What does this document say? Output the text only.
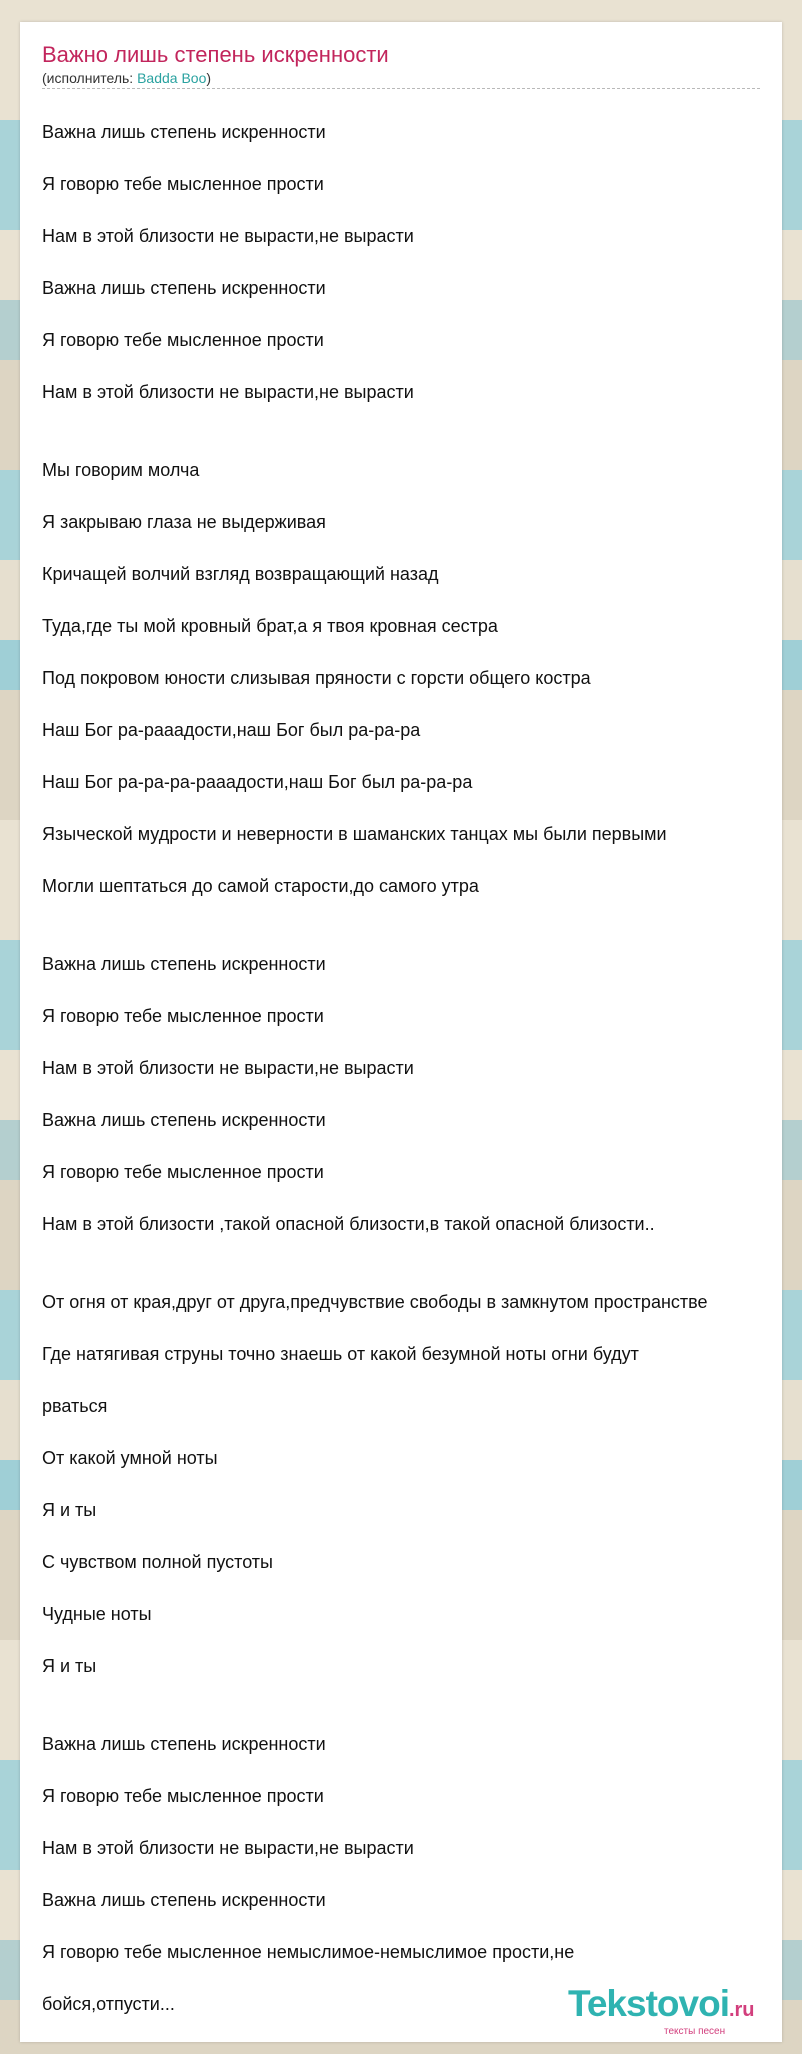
Важно лишь степень искренности
(исполнитель: Badda Boo)
Важна лишь степень искренности
Я говорю тебе мысленное прости
Нам в этой близости не вырасти,не вырасти
Важна лишь степень искренности
Я говорю тебе мысленное прости
Нам в этой близости не вырасти,не вырасти
Мы говорим молча
Я закрываю глаза не выдерживая
Кричащей волчий взгляд возвращающий назад
Туда,где ты мой кровный брат,а я твоя кровная сестра
Под покровом юности слизывая пряности с горсти общего костра
Наш Бог ра-рааадости,наш Бог был ра-ра-ра
Наш Бог ра-ра-ра-рааадости,наш Бог был ра-ра-ра
Языческой мудрости и неверности в шаманских танцах мы были первыми
Могли шептаться до самой старости,до самого утра
Важна лишь степень искренности
Я говорю тебе мысленное прости
Нам в этой близости не вырасти,не вырасти
Важна лишь степень искренности
Я говорю тебе мысленное прости
Нам в этой близости ,такой опасной близости,в такой опасной близости..
От огня от края,друг от друга,предчувствие свободы в замкнутом пространстве
Где натягивая струны точно знаешь от какой безумной ноты огни будут
рваться
От какой умной ноты
Я и ты
С чувством полной пустоты
Чудные ноты
Я и ты
Важна лишь степень искренности
Я говорю тебе мысленное прости
Нам в этой близости не вырасти,не вырасти
Важна лишь степень искренности
Я говорю тебе мысленное немыслимое-немыслимое прости,не
бойся,отпусти...	Tekstovoi.ru
тексты песен
